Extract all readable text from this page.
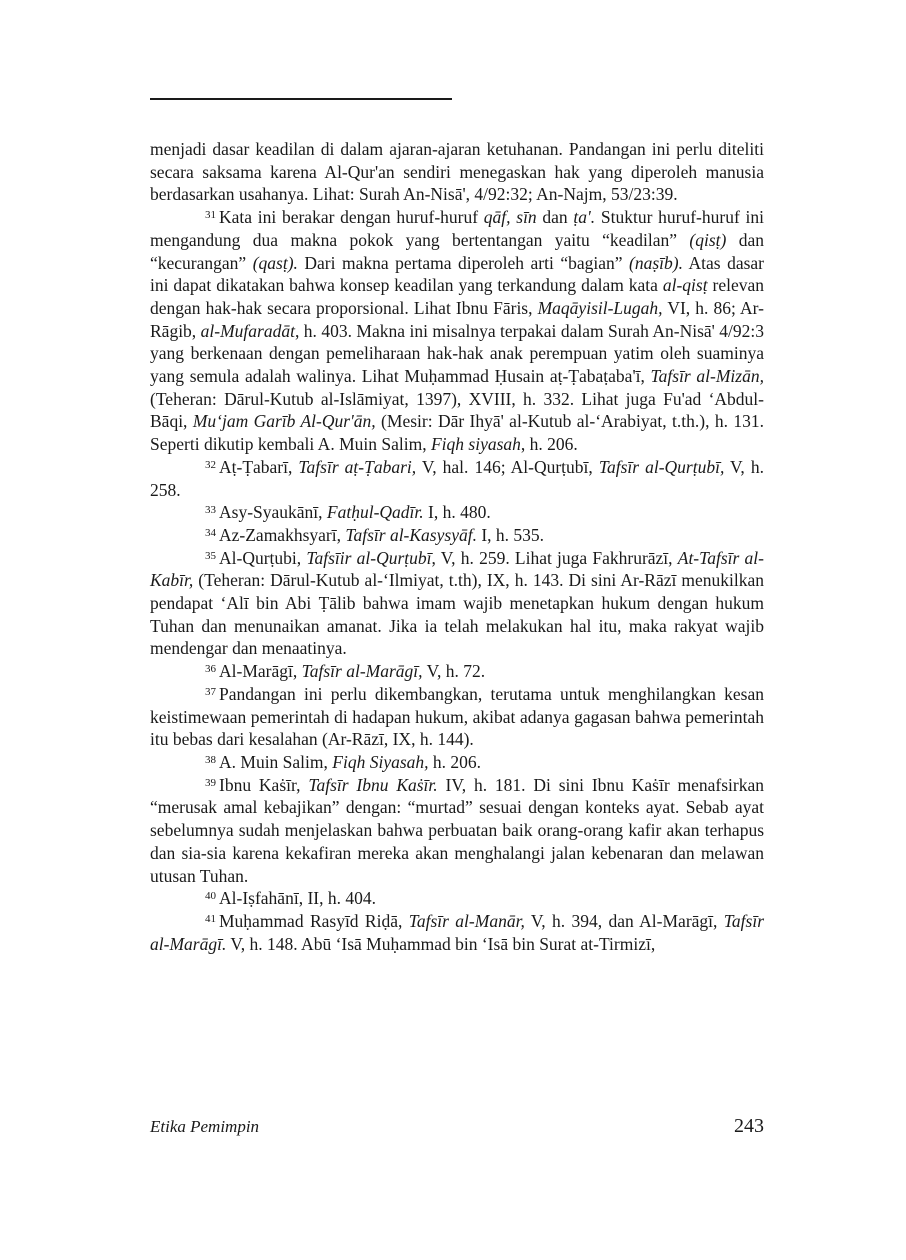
menjadi dasar keadilan di dalam ajaran-ajaran ketuhanan. Pandangan ini perlu diteliti secara saksama karena Al-Qur'an sendiri menegaskan hak yang diperoleh manusia berdasarkan usahanya. Lihat: Surah An-Nisā', 4/92:32; An-Najm, 53/23:39.

$^{31}$ Kata ini berakar dengan huruf-huruf qāf, sīn dan ṭa'. Stuktur huruf-huruf ini mengandung dua makna pokok yang bertentangan yaitu “keadilan” (qisṭ) dan “kecurangan” (qasṭ). Dari makna pertama diperoleh arti “bagian” (naṣīb). Atas dasar ini dapat dikatakan bahwa konsep keadilan yang terkandung dalam kata al-qisṭ relevan dengan hak-hak secara proporsional. Lihat Ibnu Fāris, Maqāyisil-Lugah, VI, h. 86; Ar-Rāgib, al-Mufaradāt, h. 403. Makna ini misalnya terpakai dalam Surah An-Nisā' 4/92:3 yang berkenaan dengan pemeliharaan hak-hak anak perempuan yatim oleh suaminya yang semula adalah walinya. Lihat Muḥammad Ḥusain aṭ-Ṭabaṭaba'ī, Tafsīr al-Mizān, (Teheran: Dārul-Kutub al-Islāmiyat, 1397), XVIII, h. 332. Lihat juga Fu'ad ‘Abdul-Bāqi, Mu‘jam Garīb Al-Qur'ān, (Mesir: Dār Ihyā' al-Kutub al-‘Arabiyat, t.th.), h. 131. Seperti dikutip kembali A. Muin Salim, Fiqh siyasah, h. 206.

$^{32}$ Aṭ-Ṭabarī, Tafsīr aṭ-Ṭabari, V, hal. 146; Al-Qurṭubī, Tafsīr al-Qurṭubī, V, h. 258.

$^{33}$ Asy-Syaukānī, Fatḥul-Qadīr. I, h. 480.

$^{34}$ Az-Zamakhsyarī, Tafsīr al-Kasysyāf. I, h. 535.

$^{35}$ Al-Qurṭubi, Tafsīir al-Qurṭubī, V, h. 259. Lihat juga Fakhrurāzī, At-Tafsīr al-Kabīr, (Teheran: Dārul-Kutub al-‘Ilmiyat, t.th), IX, h. 143. Di sini Ar-Rāzī menukilkan pendapat ‘Alī bin Abi Ṭālib bahwa imam wajib menetapkan hukum dengan hukum Tuhan dan menunaikan amanat. Jika ia telah melakukan hal itu, maka rakyat wajib mendengar dan menaatinya.

$^{36}$ Al-Marāgī, Tafsīr al-Marāgī, V, h. 72.

$^{37}$ Pandangan ini perlu dikembangkan, terutama untuk menghilangkan kesan keistimewaan pemerintah di hadapan hukum, akibat adanya gagasan bahwa pemerintah itu bebas dari kesalahan (Ar-Rāzī, IX, h. 144).

$^{38}$ A. Muin Salim, Fiqh Siyasah, h. 206.

$^{39}$ Ibnu Kaṡīr, Tafsīr Ibnu Kaṡīr. IV, h. 181. Di sini Ibnu Kaṡīr menafsirkan “merusak amal kebajikan” dengan: “murtad” sesuai dengan konteks ayat. Sebab ayat sebelumnya sudah menjelaskan bahwa perbuatan baik orang-orang kafir akan terhapus dan sia-sia karena kekafiran mereka akan menghalangi jalan kebenaran dan melawan utusan Tuhan.

$^{40}$ Al-Iṣfahānī, II, h. 404.

$^{41}$ Muḥammad Rasyīd Riḍā, Tafsīr al-Manār, V, h. 394, dan Al-Marāgī, Tafsīr al-Marāgī. V, h. 148. Abū ‘Isā Muḥammad bin ‘Isā bin Surat at-Tirmizī,

Etika Pemimpin	243
